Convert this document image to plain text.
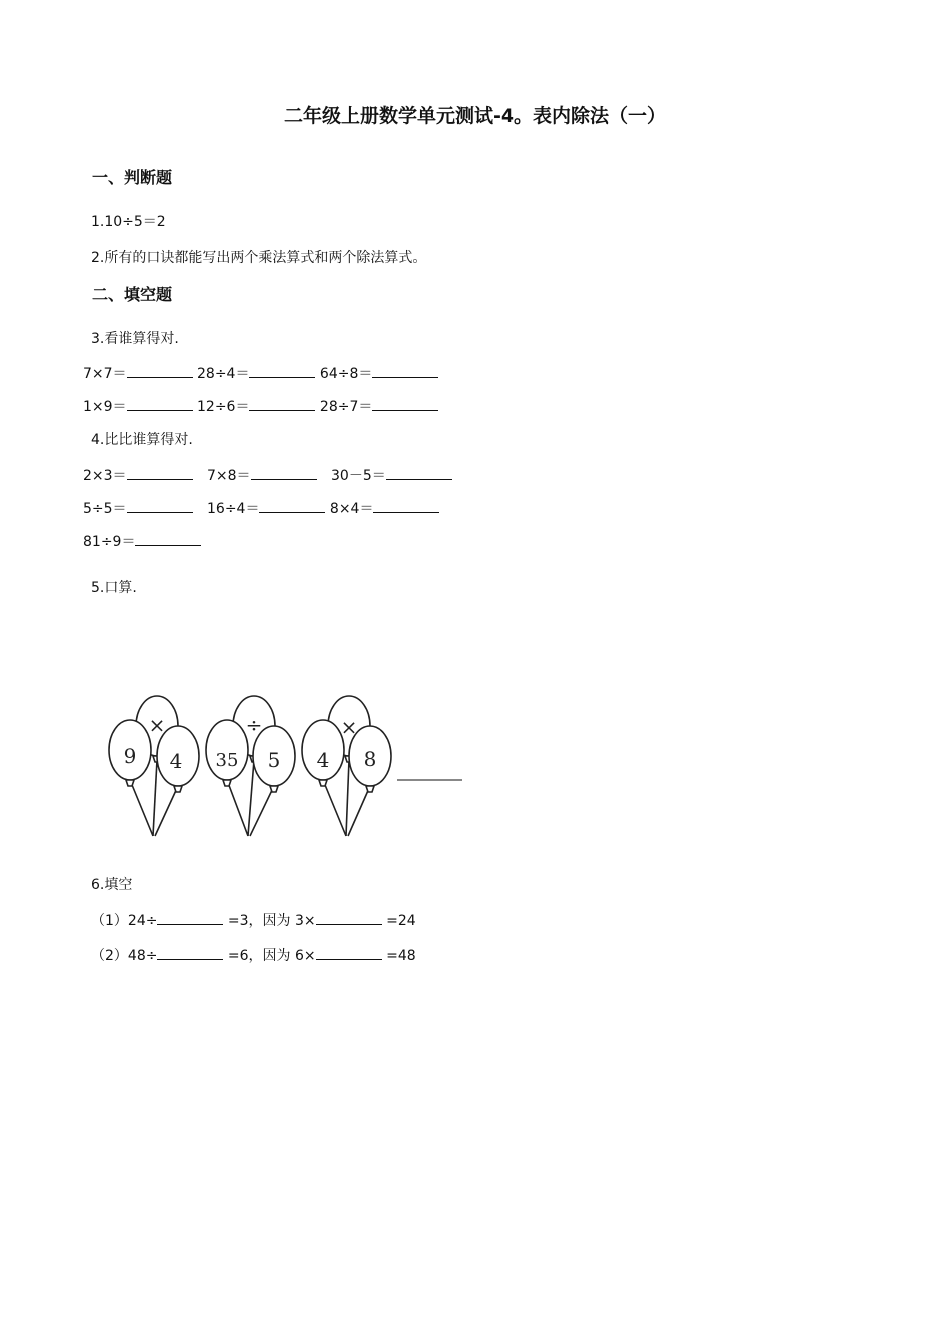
二年级上册数学单元测试-4。表内除法（一）
一、判断题
1.10÷5＝2
2.所有的口诀都能写出两个乘法算式和两个除法算式。
二、填空题
3.看谁算得对.
7×7＝	28÷4＝	64÷8＝
1×9＝	12÷6＝	28÷7＝
4.比比谁算得对.
2×3＝	7×8＝	30－5＝
5÷5＝	16÷4＝	8×4＝
81÷9＝
5.口算.
9
×
4 35
÷
5 4
×
8
6.填空
（1）24÷	=3，因为 3×	=24
（2）48÷	=6，因为 6×	=48
